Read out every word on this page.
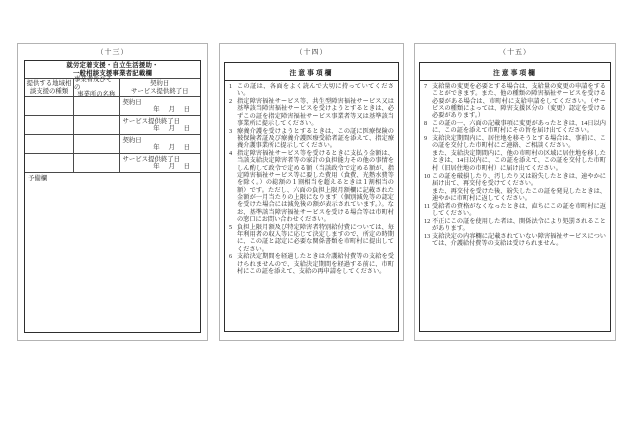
（十三）
就労定着支援・自立生活援助・
一般相談支援事業者記載欄
提供する地域相
談支援の種類
事業者及びその
事業所の名称
契約日
サービス提供終了日
契約日
年 月 日
サービス提供終了日
年 月 日
契約日
年 月 日
サービス提供終了日
年 月 日
予備欄
（十四）
注意事項欄
1 この証は、各面をよく読んで大切に持っていてください。
2 指定障害福祉サービス等、共生型障害福祉サービス又は基準該当障害福祉サービスを受けようとするときは、必ずこの証を指定障害福祉サービス事業者等又は基準該当事業所に提示してください。
3 療養介護を受けようとするときは、この証に医療保険の被保険者証及び療養介護医療受給者証を添えて、指定療養介護事業所に提示してください。
4 指定障害福祉サービス等を受けるときに支払う金額は、当該支給決定障害者等の家計の負担能力その他の事情をしん酌して政令で定める額（当該政令で定める額が、指定障害福祉サービス等に要した費用（食費、光熱水費等を除く。）の総額の１割相当を超えるときは１割相当の額）です。ただし、六面の負担上限月額欄に記載された金額が一月当たりの上限になります（個別減免等の認定を受けた場合には減免後の額が表示されています。）。なお、基準該当障害福祉サービスを受ける場合等は市町村の窓口にお問い合わせください。
5 負担上限月額及び特定障害者特別給付費については、毎年利用者の収入等に応じて決定しますので、所定の時期に、この証と認定に必要な関係書類を市町村に提出してください。
6 支給決定期間を経過したときは介護給付費等の支給を受けられませんので、支給決定期間を経過する前に、市町村にこの証を添えて、支給の再申請をしてください。
（十五）
注意事項欄
7 支給量の変更を必要とする場合は、支給量の変更の申請をすることができます。また、他の種類の障害福祉サービスを受ける必要がある場合は、市町村に支給申請をしてください。（サービスの種類によっては、障害支援区分の（変更）認定を受ける必要があります。）
8 この証の一、六面の記載事項に変更があったときは、14日以内に、この証を添えて市町村にその旨を届け出てください。
9 支給決定期間内に、居住地を移そうとする場合は、事前に、この証を交付した市町村にご連絡、ご相談ください。
また、支給決定期間内に、他の市町村の区域に居住地を移したときは、14日以内に、この証を添えて、この証を交付した市町村（旧居住地の市町村）に届け出てください。
10 この証を破損したり、汚したり又は紛失したときは、速やかに届け出て、再交付を受けてください。
また、再交付を受けた後、紛失したこの証を発見したときは、速やかに市町村に返してください。
11 受給者の資格がなくなったときは、直ちにこの証を市町村に返してください。
12 不正にこの証を使用した者は、関係法令により処罰されることがあります。
13 支給決定の内容欄に記載されていない障害福祉サービスについては、介護給付費等の支給は受けられません。
